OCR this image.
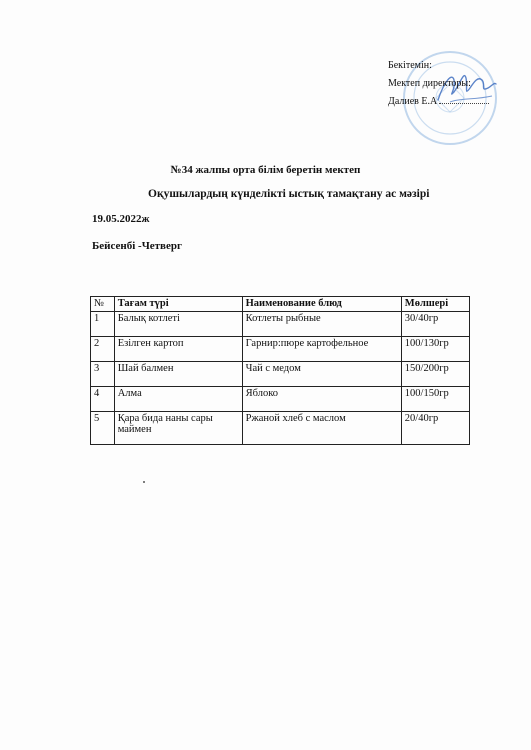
Бекітемін:
Мектеп директоры:
Далиев Е.А
№34 жалпы орта білім беретін мектеп
Оқушылардың күнделікті ыстық тамақтану ас мәзірі
19.05.2022ж
Бейсенбі -Четверг
№	Тағам түрі	Наименование блюд	Мөлшері
1	Балық котлеті	Котлеты рыбные	30/40гр
2	Езілген картоп	Гарнир:пюре картофельное	100/130гр
3	Шай балмен	Чай с медом	150/200гр
4	Алма	Яблоко	100/150гр
5	Қара бида наны сары маймен	Ржаной хлеб с маслом	20/40гр
